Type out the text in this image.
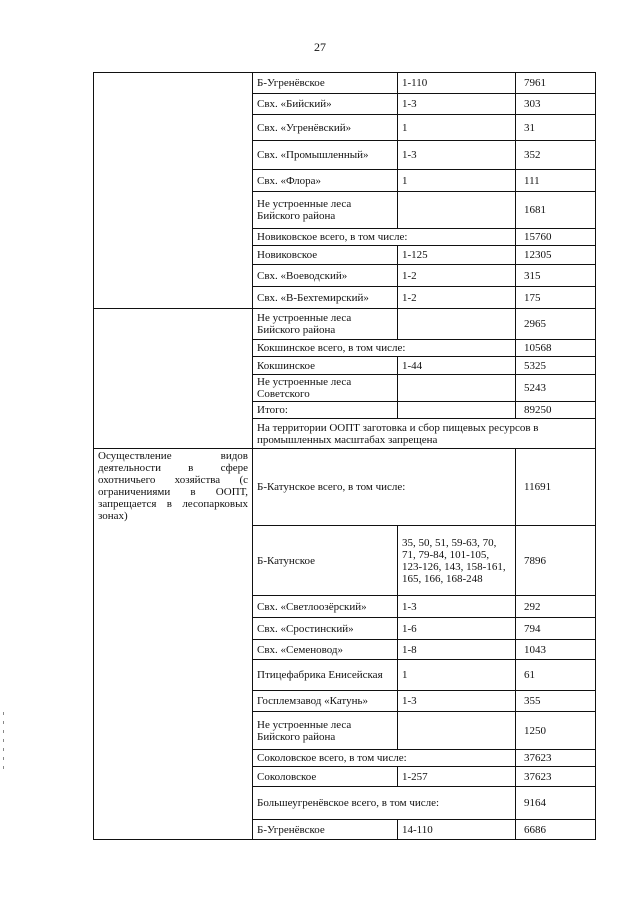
27
	Б-Угренёвское	1-110	7961
	Свх. «Бийский»	1-3	303
	Свх. «Угренёвский»	1	31
	Свх. «Промышленный»	1-3	352
	Свх. «Флора»	1	111
	Не устроенные леса Бийского района		1681
	Новиковское всего, в том числе:		15760
	Новиковское	1-125	12305
	Свх. «Воеводский»	1-2	315
	Свх. «В-Бехтемирский»	1-2	175
	Не устроенные леса Бийского района		2965
	Кокшинское всего, в том числе:		10568
	Кокшинское	1-44	5325
	Не устроенные леса Советского		5243
	Итого:		89250
	На территории ООПТ заготовка и сбор пищевых ресурсов в промышленных масштабах запрещена		
Осуществление видов деятельности в сфере охотничьего хозяйства (с ограничениями в ООПТ, запрещается в лесопарковых зонах)	Б-Катунское всего, в том числе:		11691
	Б-Катунское	35, 50, 51, 59-63, 70, 71, 79-84, 101-105, 123-126, 143, 158-161, 165, 166, 168-248	7896
	Свх. «Светлоозёрский»	1-3	292
	Свх. «Сростинский»	1-6	794
	Свх. «Семеновод»	1-8	1043
	Птицефабрика Енисейская	1	61
	Госплемзавод «Катунь»	1-3	355
	Не устроенные леса Бийского района		1250
	Соколовское всего, в том числе:		37623
	Соколовское	1-257	37623
	Большеугренёвское всего, в том числе:		9164
	Б-Угренёвское	14-110	6686
